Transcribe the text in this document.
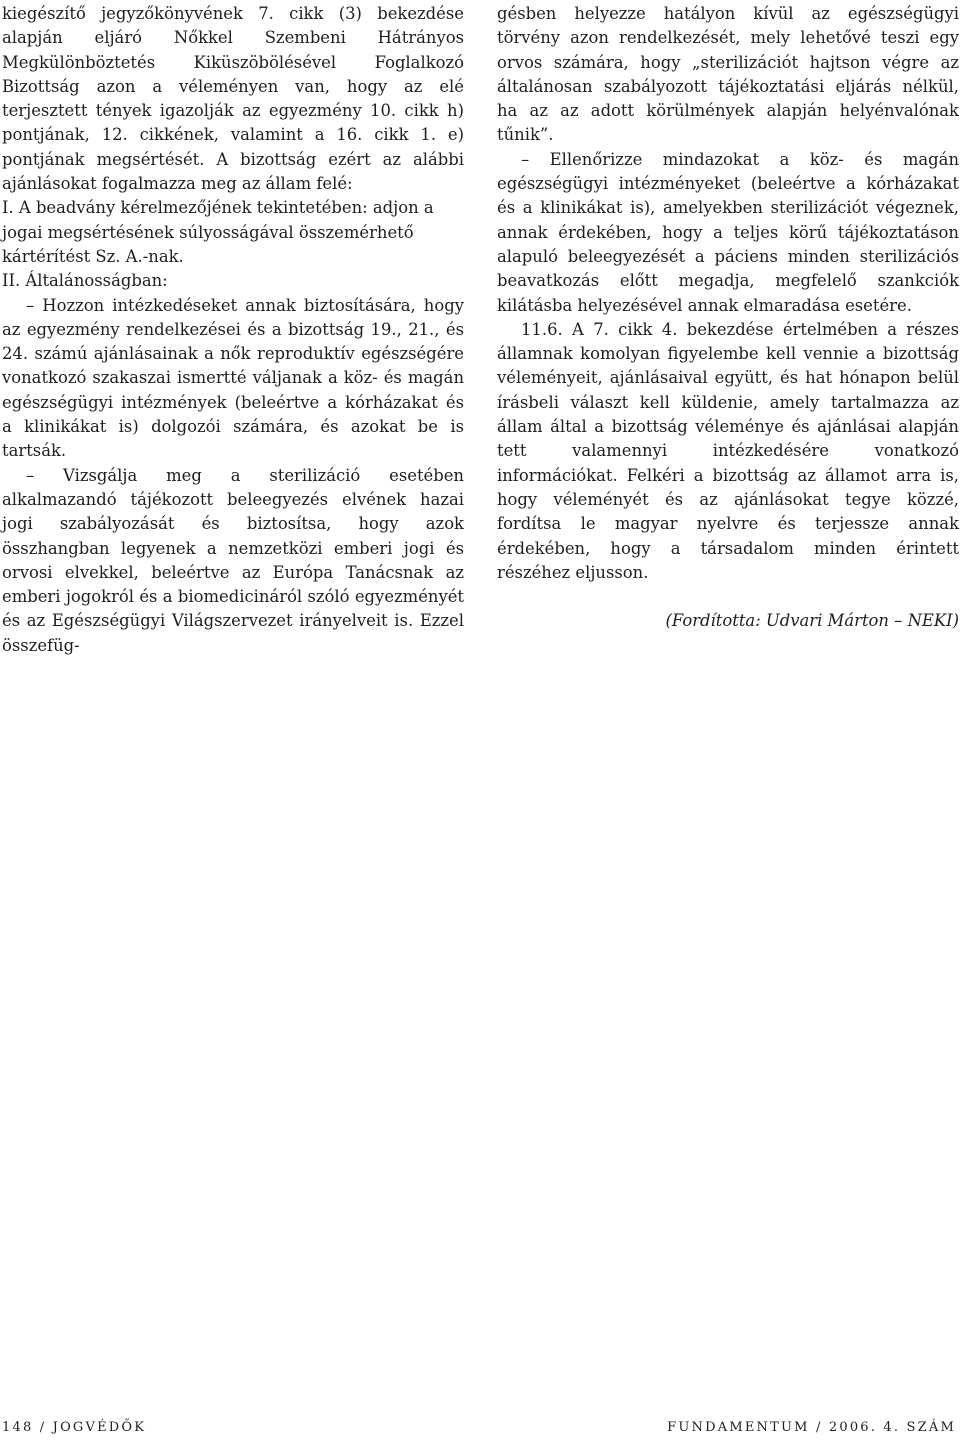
kiegészítő jegyzőkönyvének 7. cikk (3) bekezdése alapján eljáró Nőkkel Szembeni Hátrányos Megkülönböztetés Kiküszöbölésével Foglalkozó Bizottság azon a véleményen van, hogy az elé terjesztett tények igazolják az egyezmény 10. cikk h) pontjának, 12. cikkének, valamint a 16. cikk 1. e) pontjának megsértését. A bizottság ezért az alábbi ajánlásokat fogalmazza meg az állam felé:

I. A beadvány kérelmezőjének tekintetében: adjon a jogai megsértésének súlyosságával összemérhető kártérítést Sz. A.-nak.

II. Általánosságban:

– Hozzon intézkedéseket annak biztosítására, hogy az egyezmény rendelkezései és a bizottság 19., 21., és 24. számú ajánlásainak a nők reproduktív egészségére vonatkozó szakaszai ismertté váljanak a köz- és magán egészségügyi intézmények (beleértve a kórházakat és a klinikákat is) dolgozói számára, és azokat be is tartsák.

– Vizsgálja meg a sterilizáció esetében alkalmazandó tájékozott beleegyezés elvének hazai jogi szabályozását és biztosítsa, hogy azok összhangban legyenek a nemzetközi emberi jogi és orvosi elvekkel, beleértve az Európa Tanácsnak az emberi jogokról és a biomedicináról szóló egyezményét és az Egészségügyi Világszervezet irányelveit is. Ezzel összefüg-

gésben helyezze hatályon kívül az egészségügyi törvény azon rendelkezését, mely lehetővé teszi egy orvos számára, hogy „sterilizációt hajtson végre az általánosan szabályozott tájékoztatási eljárás nélkül, ha az az adott körülmények alapján helyénvalónak tűnik”.

– Ellenőrizze mindazokat a köz- és magán egészségügyi intézményeket (beleértve a kórházakat és a klinikákat is), amelyekben sterilizációt végeznek, annak érdekében, hogy a teljes körű tájékoztatáson alapuló beleegyezését a páciens minden sterilizációs beavatkozás előtt megadja, megfelelő szankciók kilátásba helyezésével annak elmaradása esetére.

11.6. A 7. cikk 4. bekezdése értelmében a részes államnak komolyan figyelembe kell vennie a bizottság véleményeit, ajánlásaival együtt, és hat hónapon belül írásbeli választ kell küldenie, amely tartalmazza az állam által a bizottság véleménye és ajánlásai alapján tett valamennyi intézkedésére vonatkozó információkat. Felkéri a bizottság az államot arra is, hogy véleményét és az ajánlásokat tegye közzé, fordítsa le magyar nyelvre és terjessze annak érdekében, hogy a társadalom minden érintett részéhez eljusson.

(Fordította: Udvari Márton – NEKI)

148 / JOGVÉDŐK	FUNDAMENTUM / 2006. 4. SZÁM
